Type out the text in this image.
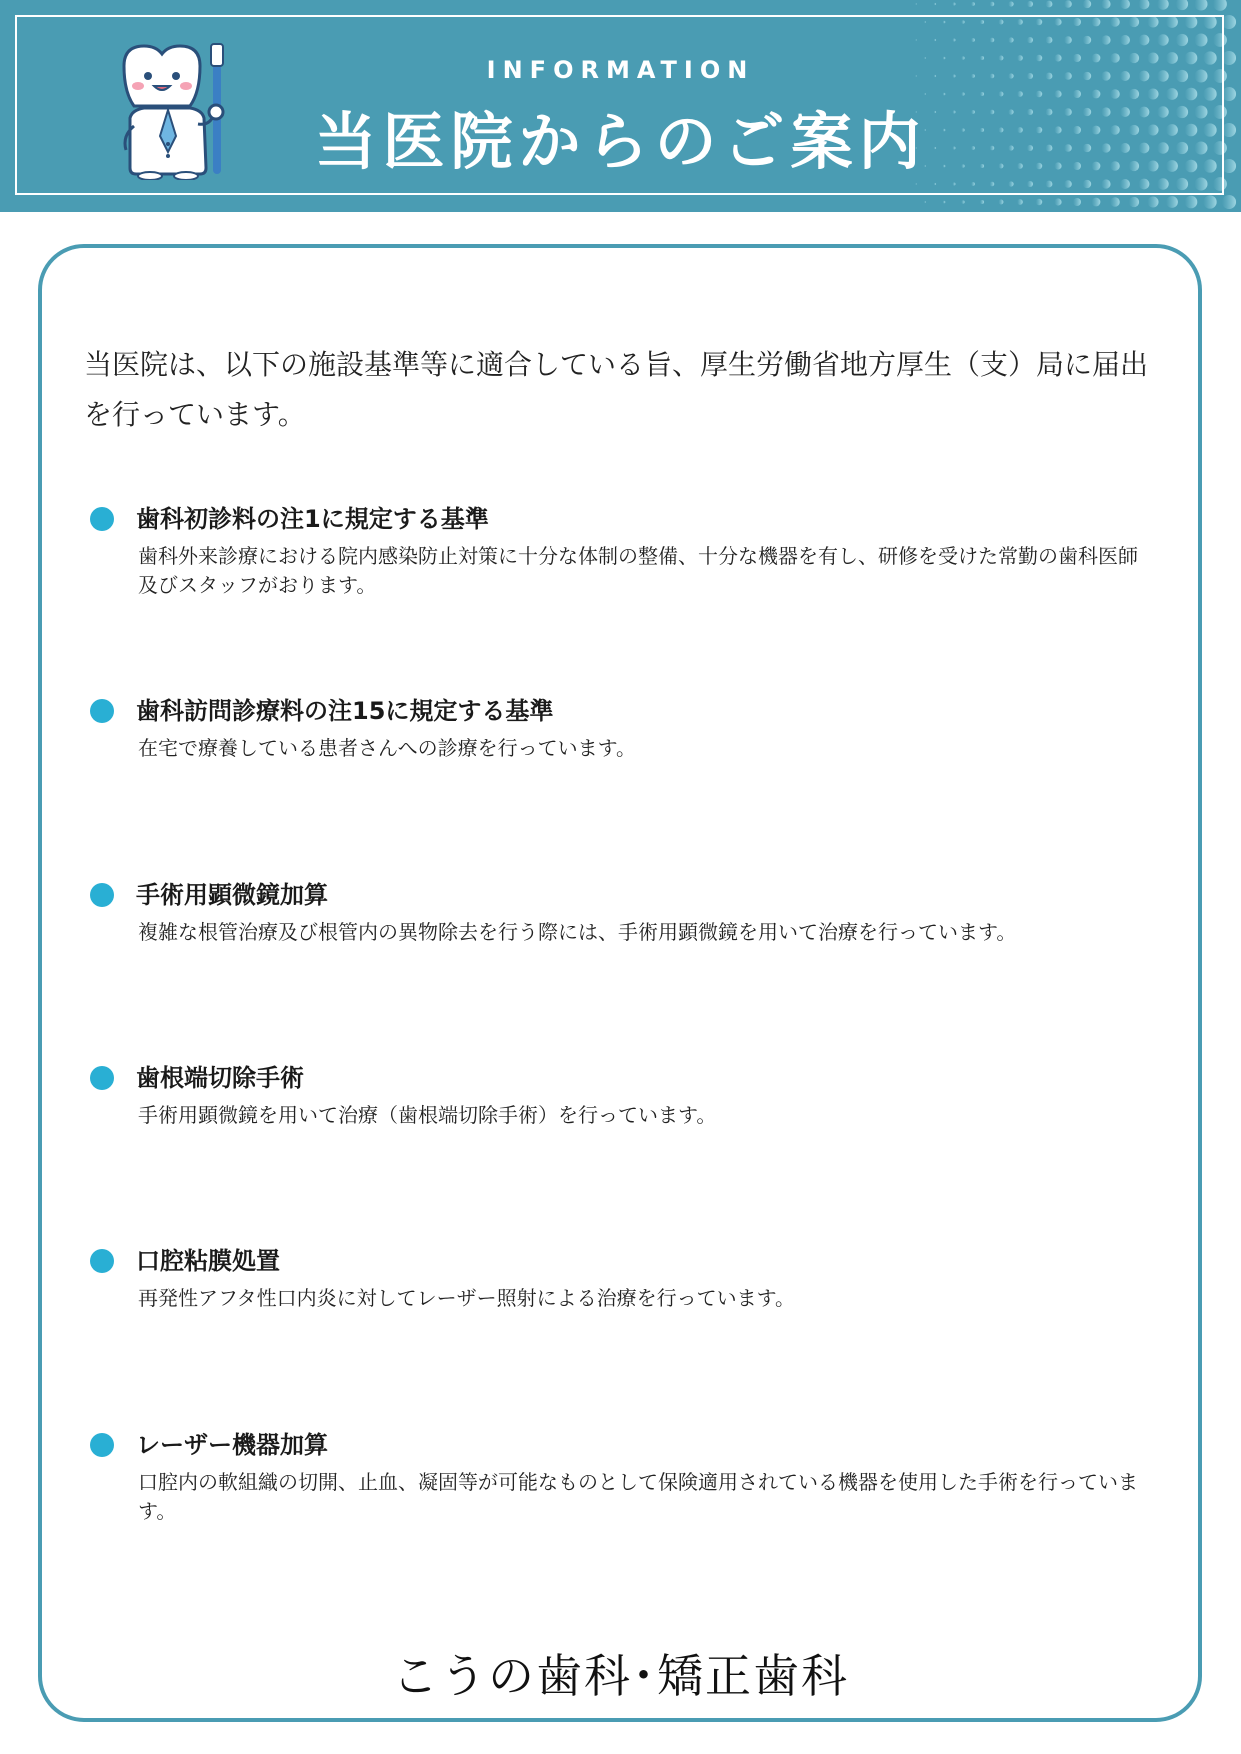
INFORMATION
当医院からのご案内
当医院は、以下の施設基準等に適合している旨、厚生労働省地方厚生（支）局に届出を行っています。
歯科初診料の注1に規定する基準
歯科外来診療における院内感染防止対策に十分な体制の整備、十分な機器を有し、研修を受けた常勤の歯科医師及びスタッフがおります。
歯科訪問診療料の注15に規定する基準
在宅で療養している患者さんへの診療を行っています。
手術用顕微鏡加算
複雑な根管治療及び根管内の異物除去を行う際には、手術用顕微鏡を用いて治療を行っています。
歯根端切除手術
手術用顕微鏡を用いて治療（歯根端切除手術）を行っています。
口腔粘膜処置
再発性アフタ性口内炎に対してレーザー照射による治療を行っています。
レーザー機器加算
口腔内の軟組織の切開、止血、凝固等が可能なものとして保険適用されている機器を使用した手術を行っています。
こうの歯科･矯正歯科
